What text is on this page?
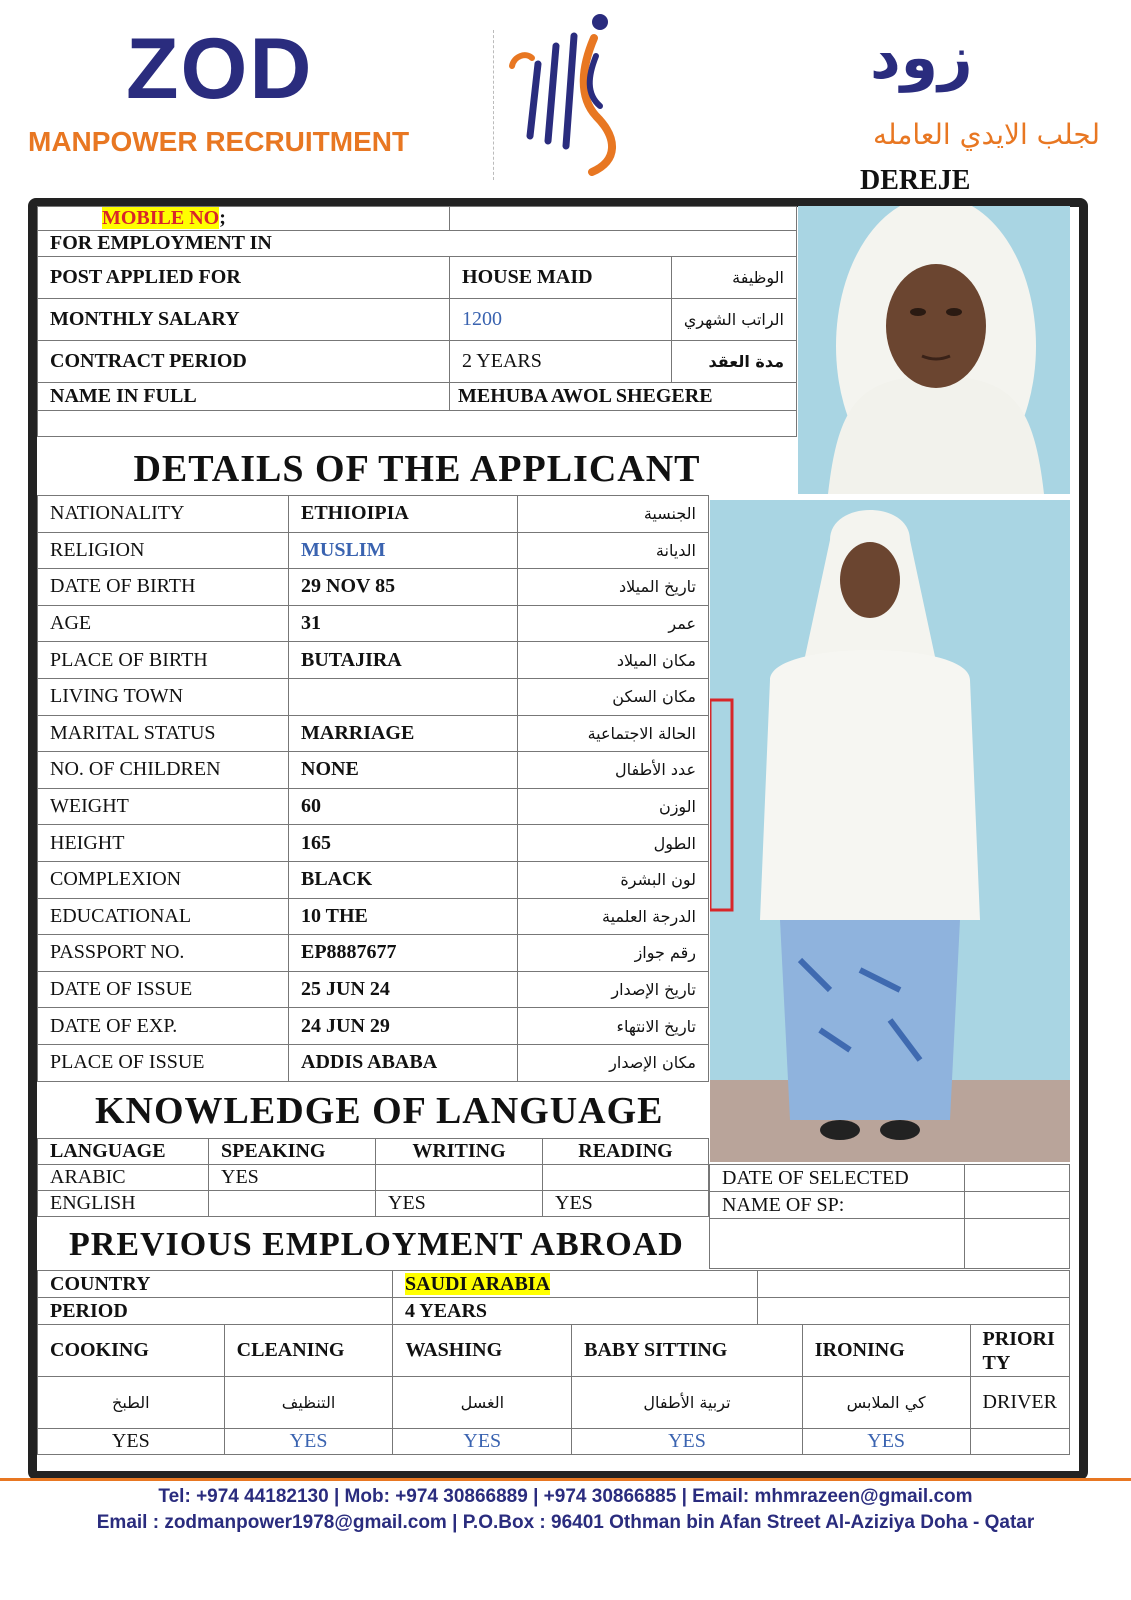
ZOD
MANPOWER RECRUITMENT
زود
لجلب الايدي العامله
DEREJE
MOBILE NO;		
FOR EMPLOYMENT IN		
POST APPLIED FOR	HOUSE MAID	الوظيفة
MONTHLY SALARY	1200	الراتب الشهري
CONTRACT PERIOD	2 YEARS	مدة العقد
NAME IN FULL	MEHUBA AWOL SHEGERE	

DETAILS OF THE APPLICANT
NATIONALITY	ETHIOIPIA	الجنسية
RELIGION	MUSLIM	الديانة
DATE OF BIRTH	29 NOV 85	تاريخ الميلاد
AGE	31	عمر
PLACE OF BIRTH	BUTAJIRA	مكان الميلاد
LIVING TOWN		مكان السكن
MARITAL STATUS	MARRIAGE	الحالة الاجتماعية
NO. OF CHILDREN	NONE	عدد الأطفال
WEIGHT	60	الوزن
HEIGHT	165	الطول
COMPLEXION	BLACK	لون البشرة
EDUCATIONAL	10 THE	الدرجة العلمية
PASSPORT NO.	EP8887677	رقم جواز
DATE OF ISSUE	25 JUN 24	تاريخ الإصدار
DATE OF EXP.	24 JUN 29	تاريخ الانتهاء
PLACE OF ISSUE	ADDIS ABABA	مكان الإصدار
KNOWLEDGE OF LANGUAGE
LANGUAGE	SPEAKING	WRITING	READING
ARABIC	YES		
ENGLISH		YES	YES
DATE OF SELECTED	
NAME OF SP:	

PREVIOUS EMPLOYMENT ABROAD
COUNTRY	SAUDI ARABIA	
PERIOD	4 YEARS	
COOKING	CLEANING	WASHING	BABY SITTING	IRONING	PRIORI TY
الطبخ	التنظيف	الغسل	تربية الأطفال	كي الملابس	DRIVER
YES	YES	YES	YES	YES	
Tel: +974 44182130 | Mob: +974 30866889 | +974 30866885 | Email: mhmrazeen@gmail.com
Email : zodmanpower1978@gmail.com | P.O.Box : 96401 Othman bin Afan Street Al-Aziziya Doha - Qatar
